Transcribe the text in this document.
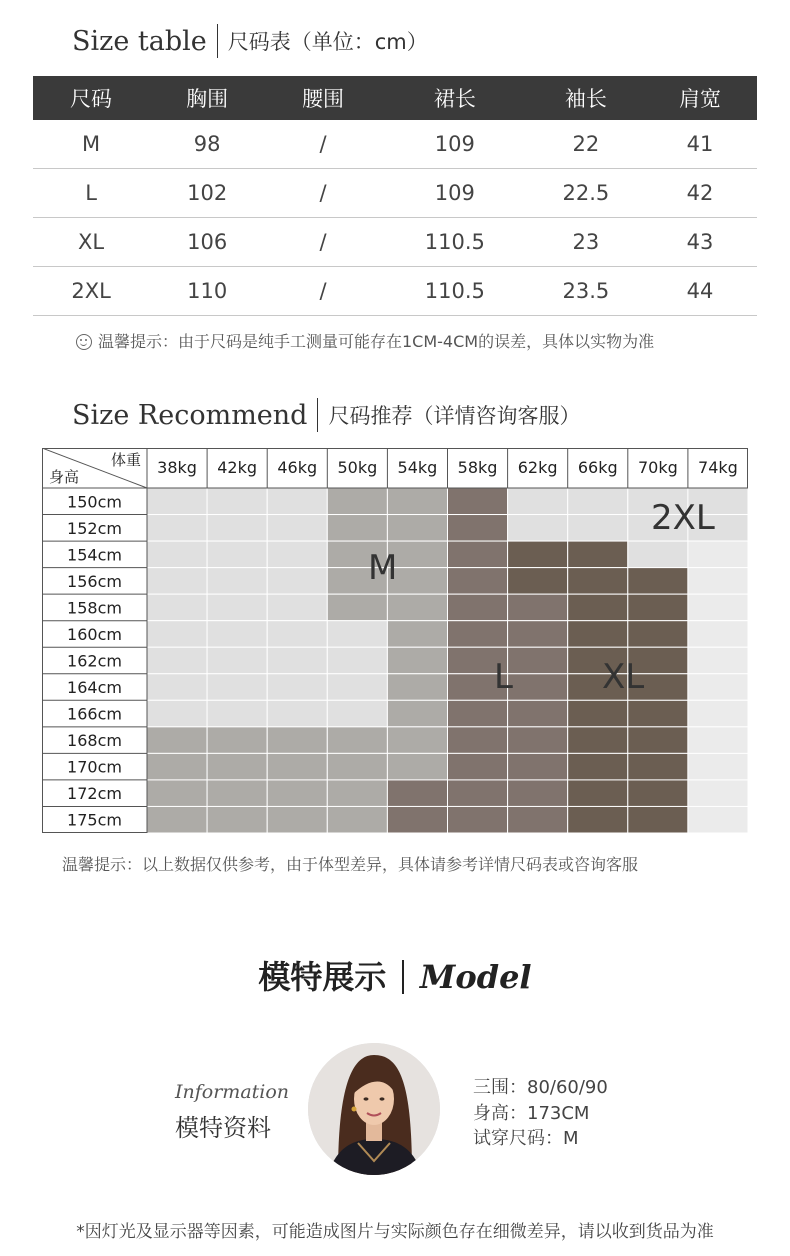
Size table 尺码表（单位：cm）
尺码	胸围	腰围	裙长	袖长	肩宽
M	98	/	109	22	41
L	102	/	109	22.5	42
XL	106	/	110.5	23	43
2XL	110	/	110.5	23.5	44
温馨提示：由于尺码是纯手工测量可能存在1CM-4CM的误差，具体以实物为准
Size Recommend 尺码推荐（详情咨询客服）
体重
身高	38kg 42kg 46kg 50kg 54kg 58kg 62kg 66kg 70kg 74kg
150cm
152cm
154cm
156cm
158cm
160cm
162cm
164cm
166cm
168cm
170cm
172cm
175cm
M
L	XL
2XL
温馨提示：以上数据仅供参考，由于体型差异，具体请参考详情尺码表或咨询客服
模特展示 Model
Information
模特资料
三围：80/60/90
身高：173CM
试穿尺码：M
*因灯光及显示器等因素，可能造成图片与实际颜色存在细微差异，请以收到货品为准
